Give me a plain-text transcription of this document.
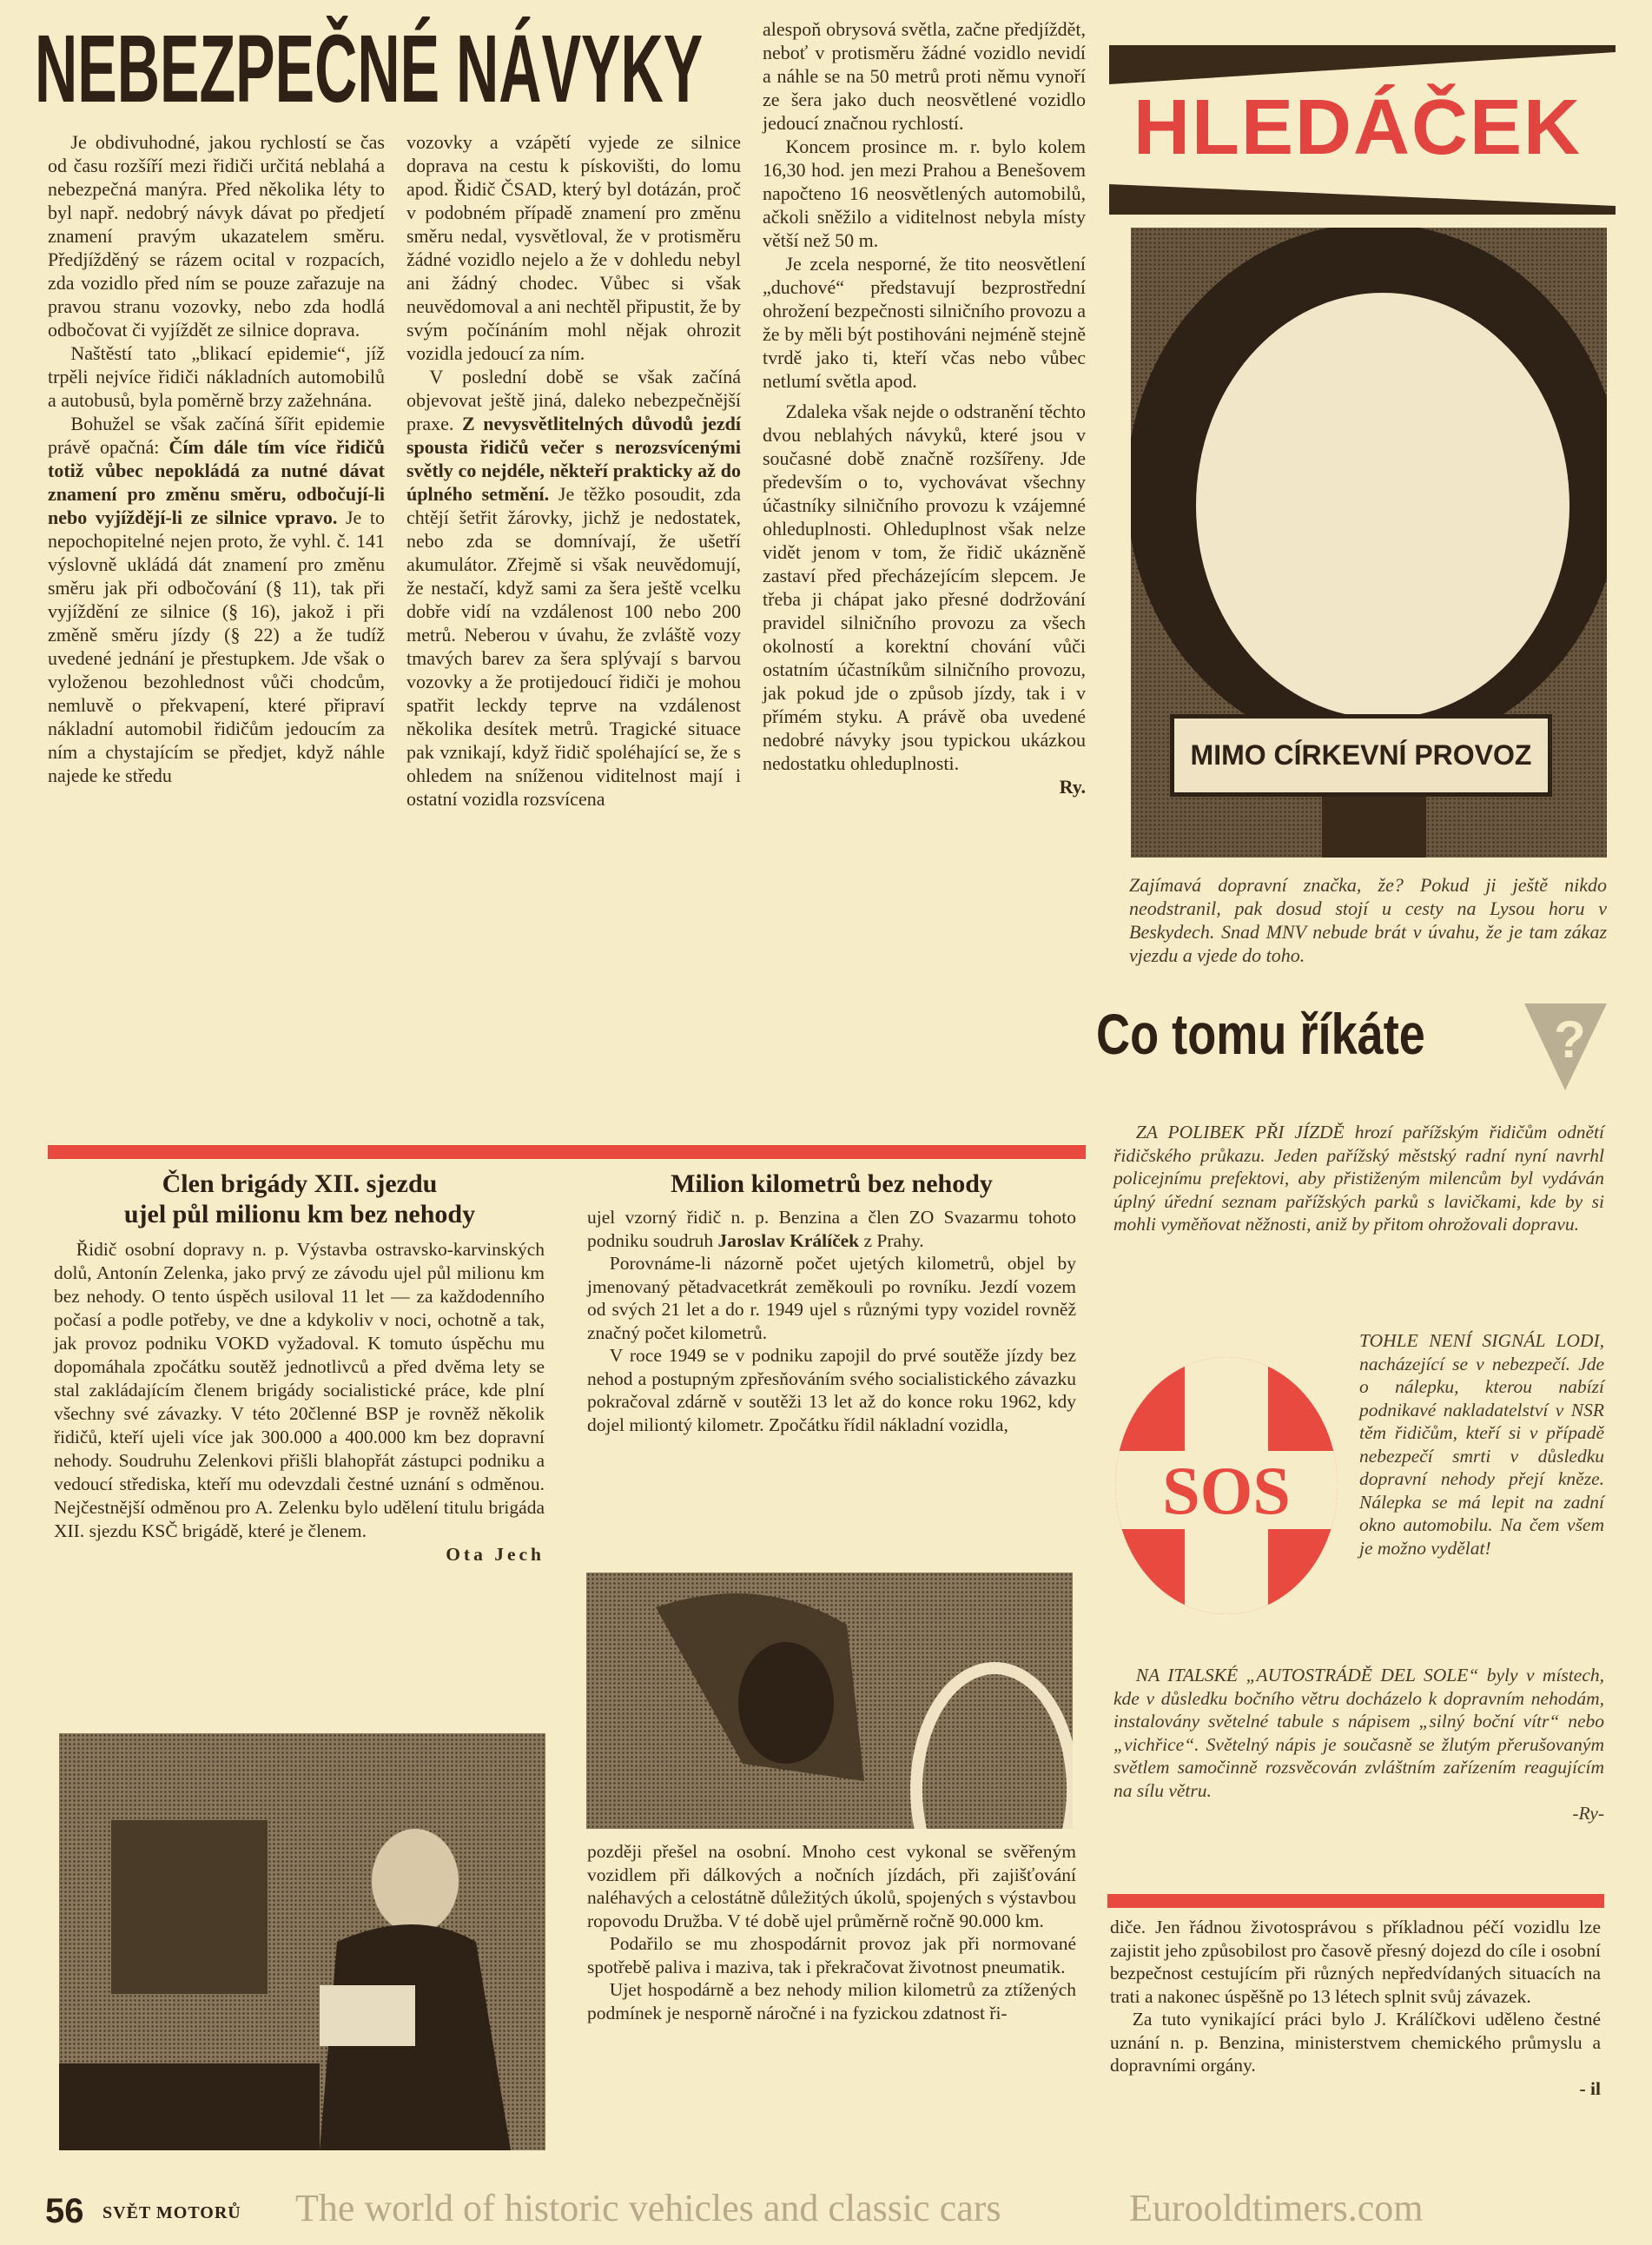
NEBEZPEČNÉ NÁVYKY

Je obdivuhodné, jakou rychlostí se čas od času rozšíří mezi řidiči určitá neblahá a nebezpečná manýra. Před několika léty to byl např. nedobrý návyk dávat po předjetí znamení pravým ukazatelem směru. Předjížděný se rázem ocital v rozpacích, zda vozidlo před ním se pouze zařazuje na pravou stranu vozovky, nebo zda hodlá odbočovat či vyjíždět ze silnice doprava.

Naštěstí tato „blikací epidemie“, jíž trpěli nejvíce řidiči nákladních automobilů a autobusů, byla poměrně brzy zažehnána.

Bohužel se však začíná šířit epidemie právě opačná: Čím dále tím více řidičů totiž vůbec nepokládá za nutné dávat znamení pro změnu směru, odbočují-li nebo vyjíždějí-li ze silnice vpravo. Je to nepochopitelné nejen proto, že vyhl. č. 141 výslovně ukládá dát znamení pro změnu směru jak při odbočování (§ 11), tak při vyjíždění ze silnice (§ 16), jakož i při změně směru jízdy (§ 22) a že tudíž uvedené jednání je přestupkem. Jde však o vyloženou bezohlednost vůči chodcům, nemluvě o překvapení, které připraví nákladní automobil řidičům jedoucím za ním a chystajícím se předjet, když náhle najede ke středu

vozovky a vzápětí vyjede ze silnice doprava na cestu k pískovišti, do lomu apod. Řidič ČSAD, který byl dotázán, proč v podobném případě znamení pro změnu směru nedal, vysvětloval, že v protisměru žádné vozidlo nejelo a že v dohledu nebyl ani žádný chodec. Vůbec si však neuvědomoval a ani nechtěl připustit, že by svým počínáním mohl nějak ohrozit vozidla jedoucí za ním.

V poslední době se však začíná objevovat ještě jiná, daleko nebezpečnější praxe. Z nevysvětlitelných důvodů jezdí spousta řidičů večer s nerozsvícenými světly co nejdéle, někteří prakticky až do úplného setmění. Je těžko posoudit, zda chtějí šetřit žárovky, jichž je nedostatek, nebo zda se domnívají, že ušetří akumulátor. Zřejmě si však neuvědomují, že nestačí, když sami za šera ještě vcelku dobře vidí na vzdálenost 100 nebo 200 metrů. Neberou v úvahu, že zvláště vozy tmavých barev za šera splývají s barvou vozovky a že protijedoucí řidiči je mohou spatřit leckdy teprve na vzdálenost několika desítek metrů. Tragické situace pak vznikají, když řidič spoléhající se, že s ohledem na sníženou viditelnost mají i ostatní vozidla rozsvícena

alespoň obrysová světla, začne předjíždět, neboť v protisměru žádné vozidlo nevidí a náhle se na 50 metrů proti němu vynoří ze šera jako duch neosvětlené vozidlo jedoucí značnou rychlostí.

Koncem prosince m. r. bylo kolem 16,30 hod. jen mezi Prahou a Benešovem napočteno 16 neosvětlených automobilů, ačkoli sněžilo a viditelnost nebyla místy větší než 50 m.

Je zcela nesporné, že tito neosvětlení „duchové“ představují bezprostřední ohrožení bezpečnosti silničního provozu a že by měli být postihováni nejméně stejně tvrdě jako ti, kteří včas nebo vůbec netlumí světla apod.

Zdaleka však nejde o odstranění těchto dvou neblahých návyků, které jsou v současné době značně rozšířeny. Jde především o to, vychovávat všechny účastníky silničního provozu k vzájemné ohleduplnosti. Ohleduplnost však nelze vidět jenom v tom, že řidič ukázněně zastaví před přecházejícím slepcem. Je třeba ji chápat jako přesné dodržování pravidel silničního provozu za všech okolností a korektní chování vůči ostatním účastníkům silničního provozu, jak pokud jde o způsob jízdy, tak i v přímém styku. A právě oba uvedené nedobré návyky jsou typickou ukázkou nedostatku ohleduplnosti.

Ry.
HLEDÁČEK
MIMO CÍRKEVNÍ PROVOZ
Zajímavá dopravní značka, že? Pokud ji ještě nikdo neodstranil, pak dosud stojí u cesty na Lysou horu v Beskydech. Snad MNV nebude brát v úvahu, že je tam zákaz vjezdu a vjede do toho.
Co tomu říkáte ?

ZA POLIBEK PŘI JÍZDĚ hrozí pařížským řidičům odnětí řidičského průkazu. Jeden pařížský městský radní nyní navrhl policejnímu prefektovi, aby přistiženým milencům byl vydáván úplný úřední seznam pařížských parků s lavičkami, kde by si mohli vyměňovat něžnosti, aniž by přitom ohrožovali dopravu.

SOS

TOHLE NENÍ SIGNÁL LODI, nacházející se v nebezpečí. Jde o nálepku, kterou nabízí podnikavé nakladatelství v NSR těm řidičům, kteří si v případě nebezpečí smrti v důsledku dopravní nehody přejí kněze. Nálepka se má lepit na zadní okno automobilu. Na čem všem je možno vydělat!

NA ITALSKÉ „AUTOSTRÁDĚ DEL SOLE“ byly v místech, kde v důsledku bočního větru docházelo k dopravním nehodám, instalovány světelné tabule s nápisem „silný boční vítr“ nebo „vichřice“. Světelný nápis je současně se žlutým přerušovaným světlem samočinně rozsvěcován zvláštním zařízením reagujícím na sílu větru.

-Ry-
Člen brigády XII. sjezdu
ujel půl milionu km bez nehody

Řidič osobní dopravy n. p. Výstavba ostravsko-karvinských dolů, Antonín Zelenka, jako prvý ze závodu ujel půl milionu km bez nehody. O tento úspěch usiloval 11 let — za každodenního počasí a podle potřeby, ve dne a kdykoliv v noci, ochotně a tak, jak provoz podniku VOKD vyžadoval. K tomuto úspěchu mu dopomáhala zpočátku soutěž jednotlivců a před dvěma lety se stal zakládajícím členem brigády socialistické práce, kde plní všechny své závazky. V této 20členné BSP je rovněž několik řidičů, kteří ujeli více jak 300.000 a 400.000 km bez dopravní nehody. Soudruhu Zelenkovi přišli blahopřát zástupci podniku a vedoucí střediska, kteří mu odevzdali čestné uznání s odměnou. Nejčestnější odměnou pro A. Zelenku bylo udělení titulu brigáda XII. sjezdu KSČ brigádě, které je členem.

Ota Jech
Milion kilometrů bez nehody

ujel vzorný řidič n. p. Benzina a člen ZO Svazarmu tohoto podniku soudruh Jaroslav Králíček z Prahy.

Porovnáme-li názorně počet ujetých kilometrů, objel by jmenovaný pětadvacetkrát zeměkouli po rovníku. Jezdí vozem od svých 21 let a do r. 1949 ujel s různými typy vozidel rovněž značný počet kilometrů.

V roce 1949 se v podniku zapojil do prvé soutěže jízdy bez nehod a postupným zpřesňováním svého socialistického závazku pokračoval zdárně v soutěži 13 let až do konce roku 1962, kdy dojel miliontý kilometr. Zpočátku řídil nákladní vozidla,

později přešel na osobní. Mnoho cest vykonal se svěřeným vozidlem při dálkových a nočních jízdách, při zajišťování naléhavých a celostátně důležitých úkolů, spojených s výstavbou ropovodu Družba. V té době ujel průměrně ročně 90.000 km.

Podařilo se mu zhospodárnit provoz jak při normované spotřebě paliva i maziva, tak i překračovat životnost pneumatik.

Ujet hospodárně a bez nehody milion kilometrů za ztížených podmínek je nesporně náročné i na fyzickou zdatnost ři-

diče. Jen řádnou životosprávou s příkladnou péčí vozidlu lze zajistit jeho způsobilost pro časově přesný dojezd do cíle i osobní bezpečnost cestujícím při různých nepředvídaných situacích na trati a nakonec úspěšně po 13 létech splnit svůj závazek.

Za tuto vynikající práci bylo J. Králíčkovi uděleno čestné uznání n. p. Benzina, ministerstvem chemického průmyslu a dopravními orgány.

- il
56 SVĚT MOTORŮ The world of historic vehicles and classic cars	Eurooldtimers.com
